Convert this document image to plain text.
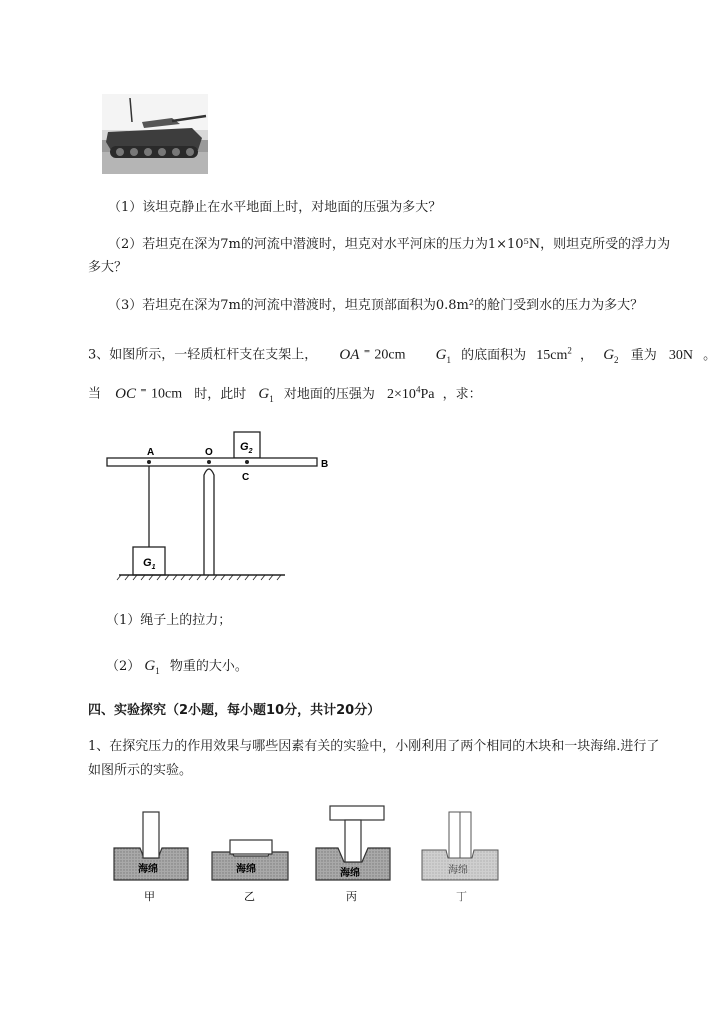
（1）该坦克静止在水平地面上时，对地面的压强为多大？
（2）若坦克在深为7m的河流中潜渡时，坦克对水平河床的压力为1×10⁵N，则坦克所受的浮力为
多大？
（3）若坦克在深为7m的河流中潜渡时，坦克顶部面积为0.8m²的舱门受到水的压力为多大？
3、如图所示，一轻质杠杆支在支架上， OA = 20cm $G_1$ 的底面积为 $15cm^2$ ， $G_2$ 重为 30N 。
当 OC = 10cm 时，此时 $G_1$ 对地面的压强为 $2\times 10^4Pa$ ，求：
$G_2$
A	O
B
C
$G_1$
（1）绳子上的拉力；
（2） $G_1$ 物重的大小。
四、实验探究（2小题，每小题10分，共计20分）
1、在探究压力的作用效果与哪些因素有关的实验中，小刚利用了两个相同的木块和一块海绵.进行了
如图所示的实验。
海绵
甲
海绵
乙
海绵
丙
海绵
丁
